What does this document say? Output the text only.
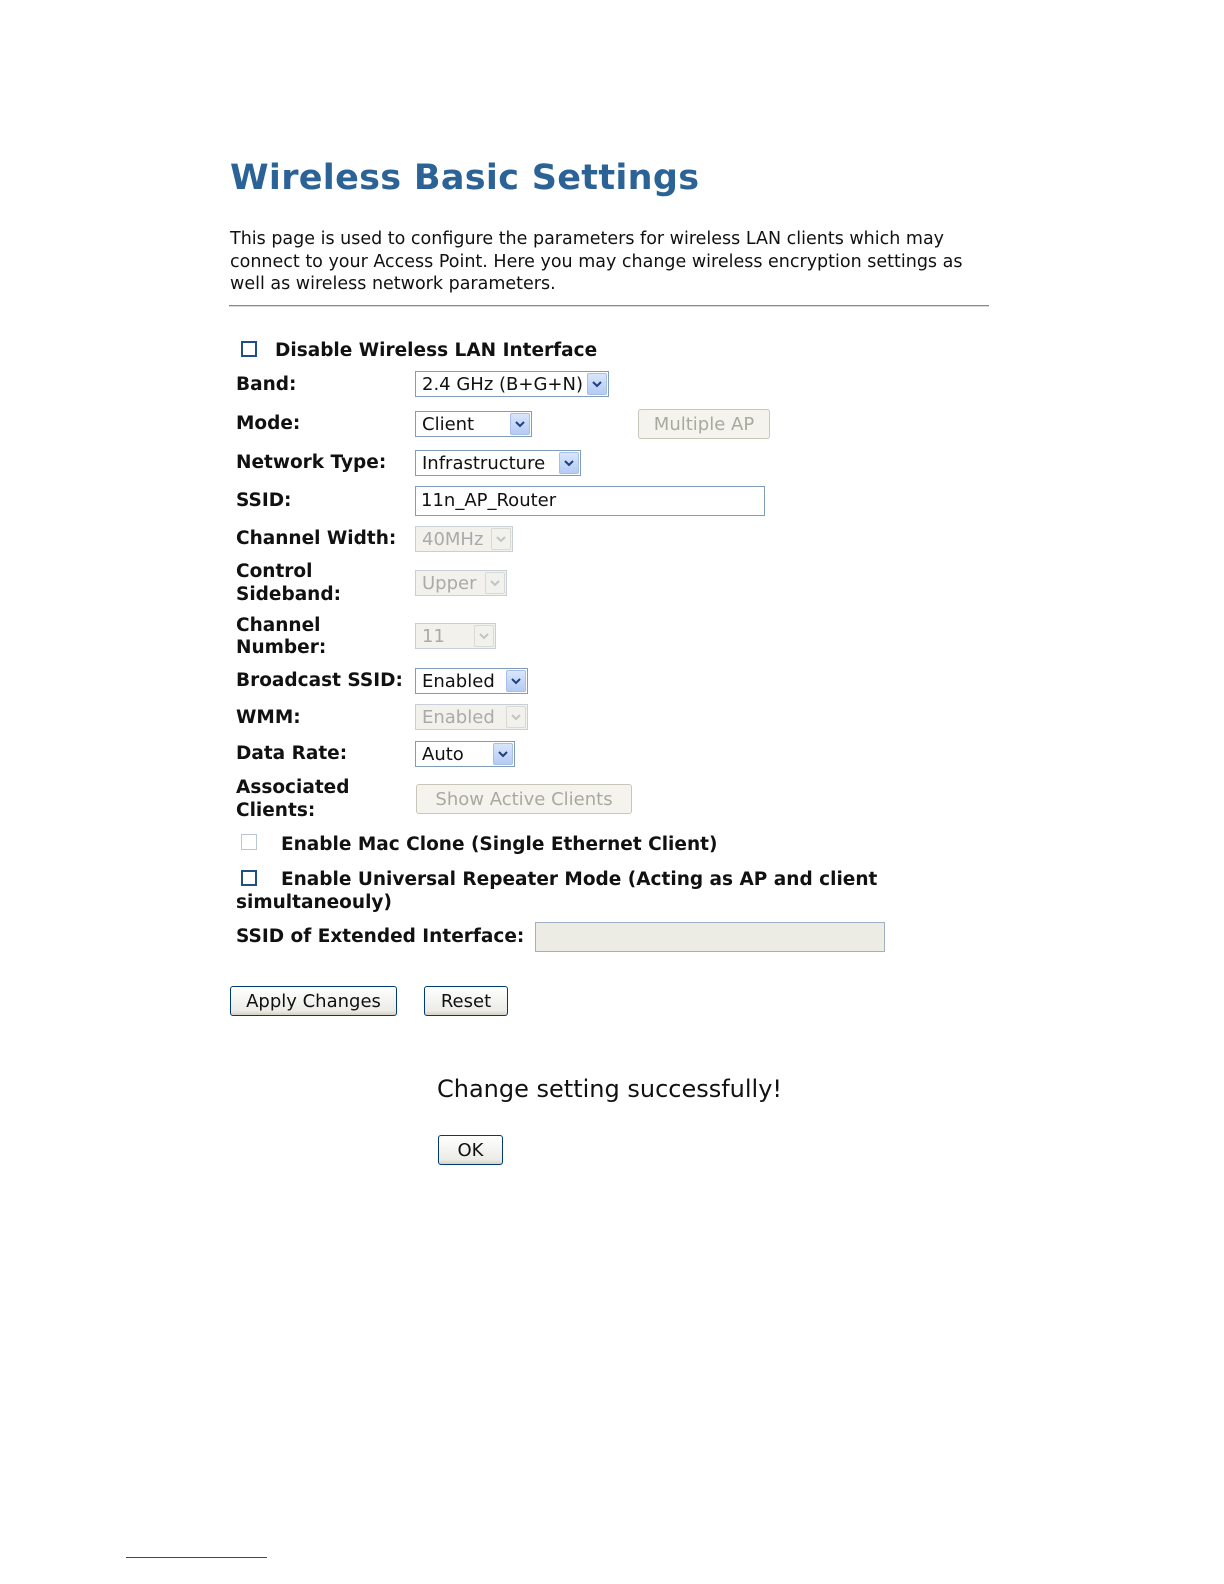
Wireless Basic Settings
This page is used to configure the parameters for wireless LAN clients which may connect to your Access Point. Here you may change wireless encryption settings as well as wireless network parameters.
Disable Wireless LAN Interface
Band:	2.4 GHz (B+G+N)
Mode:	Client	Multiple AP
Network Type:	Infrastructure
SSID:	11n_AP_Router
Channel Width:	40MHz
Control
Sideband:
Upper
Channel
Number:
11
Broadcast SSID:	Enabled
WMM:	Enabled
Data Rate:	Auto
Associated
Clients:
Show Active Clients
Enable Mac Clone (Single Ethernet Client)
Enable Universal Repeater Mode (Acting as AP and client
simultaneouly)
SSID of Extended Interface:
Apply Changes	Reset
Change setting successfully!
OK
